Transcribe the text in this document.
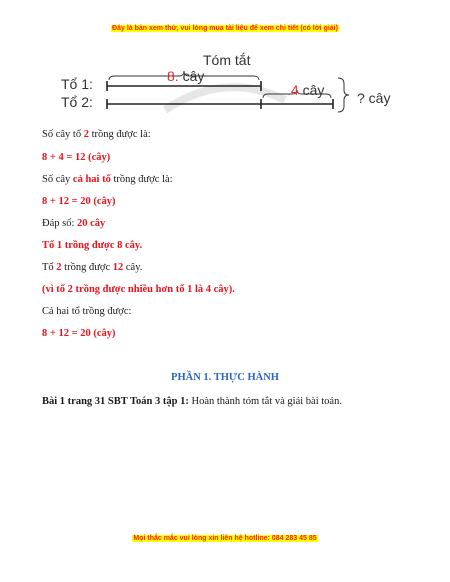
Đây là bản xem thử, vui lòng mua tài liệu để xem chi tiết (có lời giải)
Tóm tắt
Tổ 1:
Tổ 2:
8. cây
.4 cây ? cây
Số cây tổ 2 trồng được là:
8 + 4 = 12 (cây)
Số cây cả hai tổ trồng được là:
8 + 12 = 20 (cây)
Đáp số: 20 cây
Tổ 1 trồng được 8 cây.
Tổ 2 trồng được 12 cây.
(vì tổ 2 trồng được nhiều hơn tổ 1 là 4 cây).
Cả hai tổ trồng được:
8 + 12 = 20 (cây)
PHẦN 1. THỰC HÀNH
Bài 1 trang 31 SBT Toán 3 tập 1: Hoàn thành tóm tắt và giải bài toán.
Mọi thắc mắc vui lòng xin liên hệ hotline: 084 283 45 85
